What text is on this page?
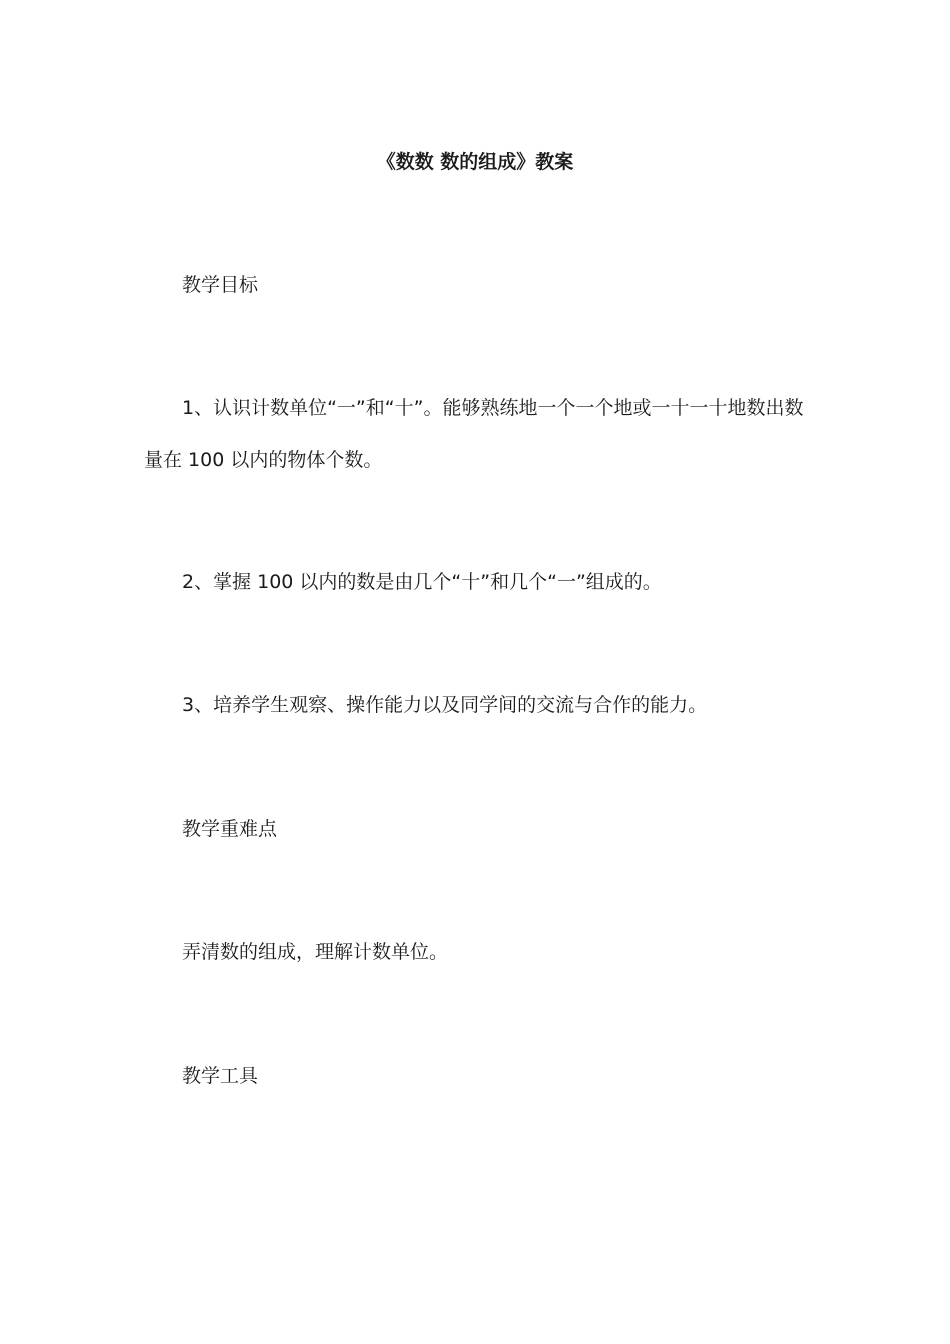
《数数 数的组成》教案

教学目标

1、认识计数单位“一”和“十”。能够熟练地一个一个地或一十一十地数出数量在 100 以内的物体个数。

2、掌握 100 以内的数是由几个“十”和几个“一”组成的。

3、培养学生观察、操作能力以及同学间的交流与合作的能力。

教学重难点

弄清数的组成，理解计数单位。

教学工具
